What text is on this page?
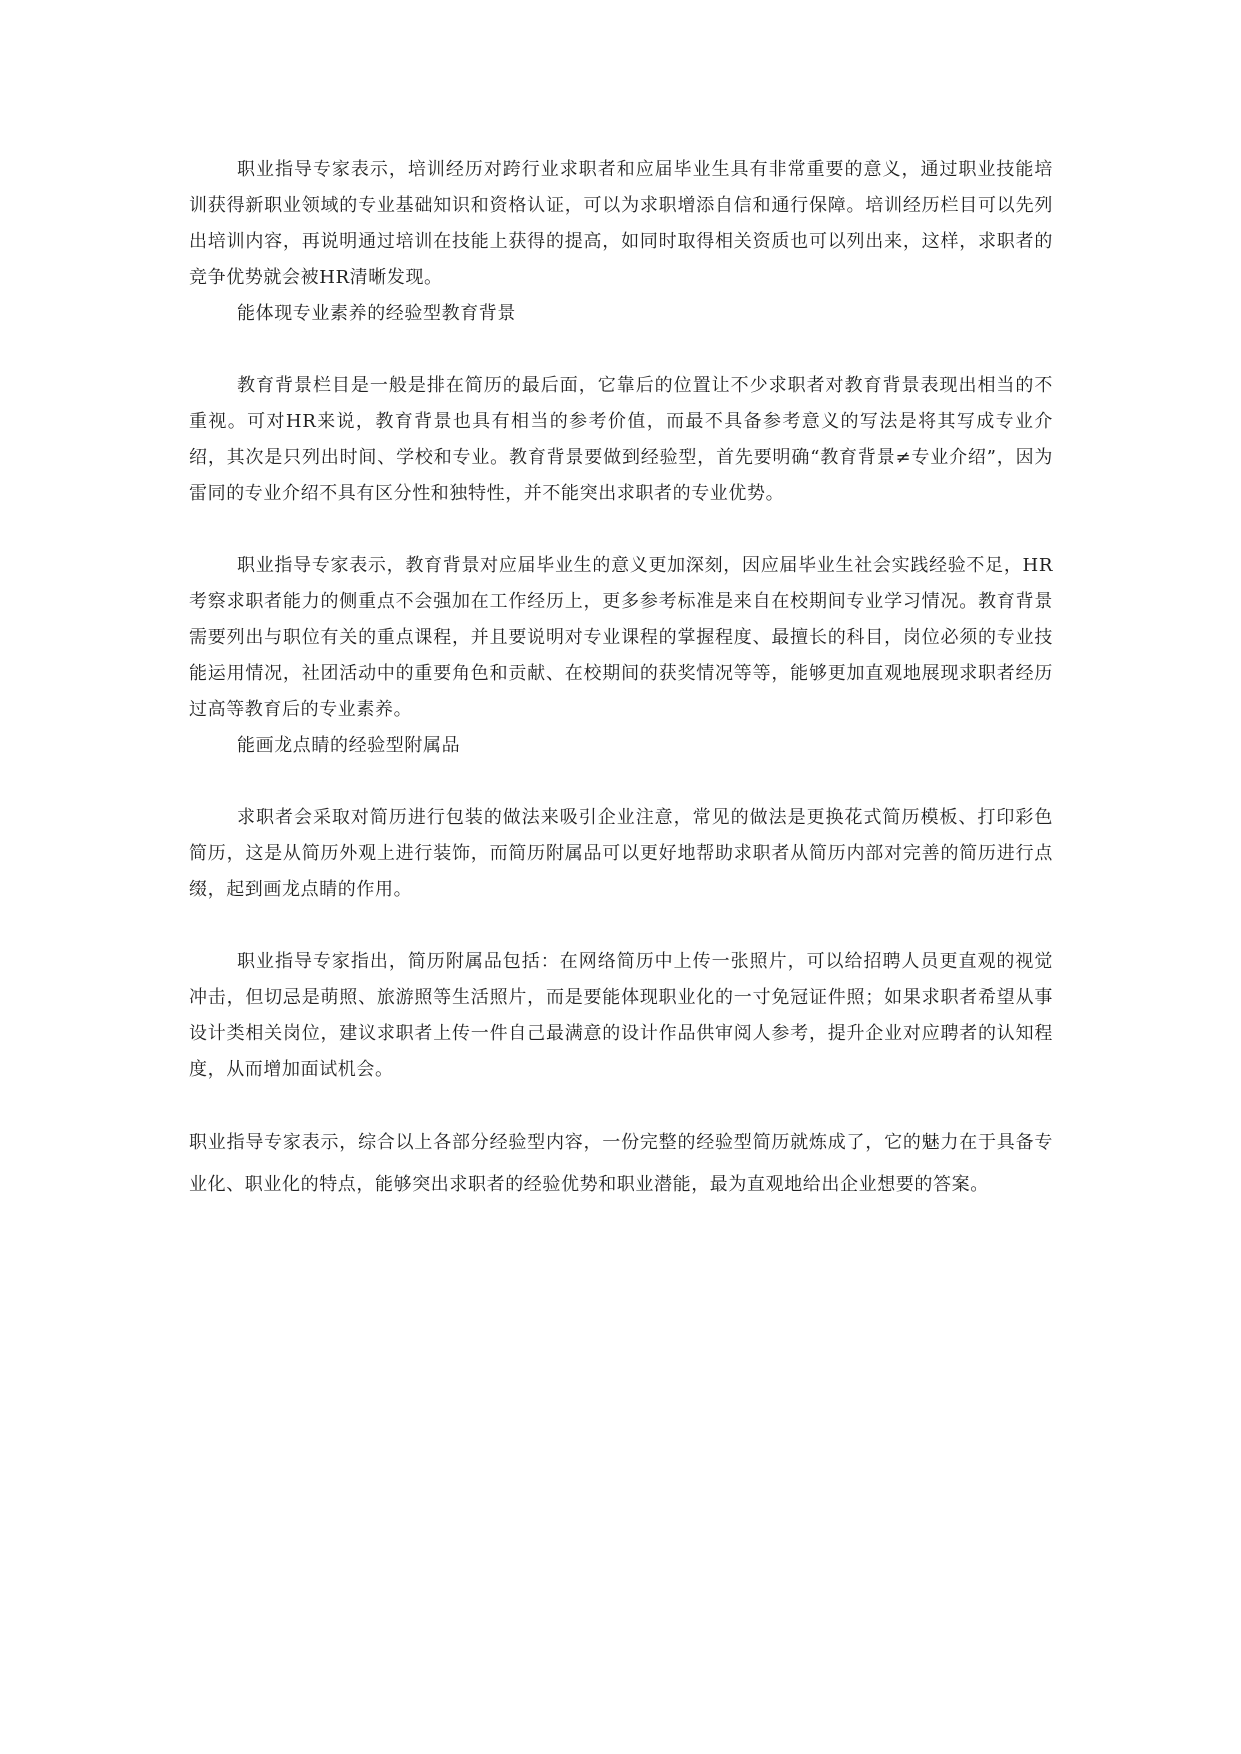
职业指导专家表示，培训经历对跨行业求职者和应届毕业生具有非常重要的意义，通过职业技能培训获得新职业领域的专业基础知识和资格认证，可以为求职增添自信和通行保障。培训经历栏目可以先列出培训内容，再说明通过培训在技能上获得的提高，如同时取得相关资质也可以列出来，这样，求职者的竞争优势就会被HR清晰发现。

能体现专业素养的经验型教育背景

教育背景栏目是一般是排在简历的最后面，它靠后的位置让不少求职者对教育背景表现出相当的不重视。可对HR来说，教育背景也具有相当的参考价值，而最不具备参考意义的写法是将其写成专业介绍，其次是只列出时间、学校和专业。教育背景要做到经验型，首先要明确“教育背景≠专业介绍”，因为雷同的专业介绍不具有区分性和独特性，并不能突出求职者的专业优势。

职业指导专家表示，教育背景对应届毕业生的意义更加深刻，因应届毕业生社会实践经验不足，HR考察求职者能力的侧重点不会强加在工作经历上，更多参考标准是来自在校期间专业学习情况。教育背景需要列出与职位有关的重点课程，并且要说明对专业课程的掌握程度、最擅长的科目，岗位必须的专业技能运用情况，社团活动中的重要角色和贡献、在校期间的获奖情况等等，能够更加直观地展现求职者经历过高等教育后的专业素养。

能画龙点睛的经验型附属品

求职者会采取对简历进行包装的做法来吸引企业注意，常见的做法是更换花式简历模板、打印彩色简历，这是从简历外观上进行装饰，而简历附属品可以更好地帮助求职者从简历内部对完善的简历进行点缀，起到画龙点睛的作用。

职业指导专家指出，简历附属品包括：在网络简历中上传一张照片，可以给招聘人员更直观的视觉冲击，但切忌是萌照、旅游照等生活照片，而是要能体现职业化的一寸免冠证件照；如果求职者希望从事设计类相关岗位，建议求职者上传一件自己最满意的设计作品供审阅人参考，提升企业对应聘者的认知程度，从而增加面试机会。

职业指导专家表示，综合以上各部分经验型内容，一份完整的经验型简历就炼成了，它的魅力在于具备专业化、职业化的特点，能够突出求职者的经验优势和职业潜能，最为直观地给出企业想要的答案。
